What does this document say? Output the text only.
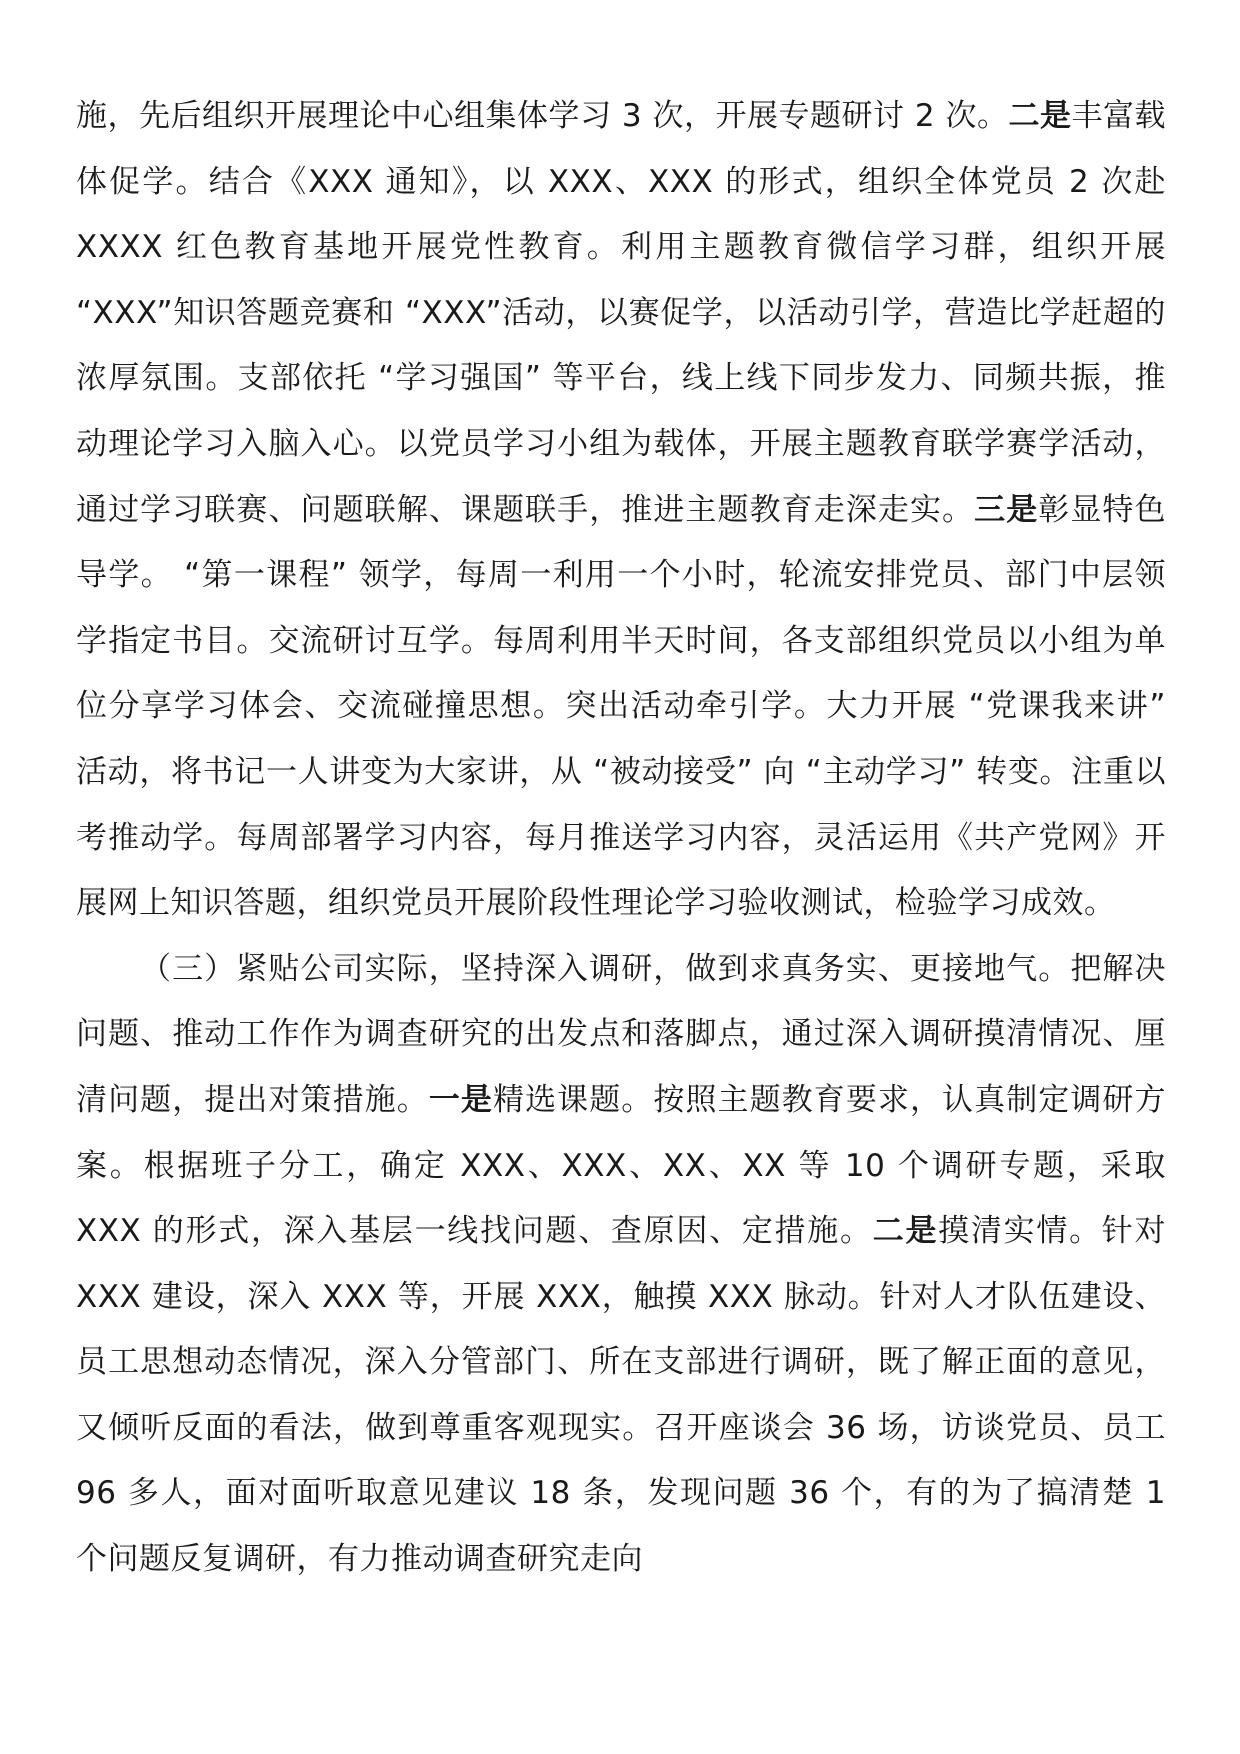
施，先后组织开展理论中心组集体学习 3 次，开展专题研讨 2 次。二是丰富载体促学。结合《XXX 通知》，以 XXX、XXX 的形式，组织全体党员 2 次赴 XXXX 红色教育基地开展党性教育。利用主题教育微信学习群，组织开展 “XXX”知识答题竞赛和 “XXX”活动，以赛促学，以活动引学，营造比学赶超的浓厚氛围。支部依托 “学习强国” 等平台，线上线下同步发力、同频共振，推动理论学习入脑入心。以党员学习小组为载体，开展主题教育联学赛学活动，通过学习联赛、问题联解、课题联手，推进主题教育走深走实。三是彰显特色导学。 “第一课程” 领学，每周一利用一个小时，轮流安排党员、部门中层领学指定书目。交流研讨互学。每周利用半天时间，各支部组织党员以小组为单位分享学习体会、交流碰撞思想。突出活动牵引学。大力开展 “党课我来讲” 活动，将书记一人讲变为大家讲，从 “被动接受” 向 “主动学习” 转变。注重以考推动学。每周部署学习内容，每月推送学习内容，灵活运用《共产党网》开展网上知识答题，组织党员开展阶段性理论学习验收测试，检验学习成效。

（三）紧贴公司实际，坚持深入调研，做到求真务实、更接地气。把解决问题、推动工作作为调查研究的出发点和落脚点，通过深入调研摸清情况、厘清问题，提出对策措施。一是精选课题。按照主题教育要求，认真制定调研方案。根据班子分工，确定 XXX、XXX、XX、XX 等 10 个调研专题，采取 XXX 的形式，深入基层一线找问题、查原因、定措施。二是摸清实情。针对 XXX 建设，深入 XXX 等，开展 XXX，触摸 XXX 脉动。针对人才队伍建设、员工思想动态情况，深入分管部门、所在支部进行调研，既了解正面的意见，又倾听反面的看法，做到尊重客观现实。召开座谈会 36 场，访谈党员、员工 96 多人，面对面听取意见建议 18 条，发现问题 36 个，有的为了搞清楚 1 个问题反复调研，有力推动调查研究走向
